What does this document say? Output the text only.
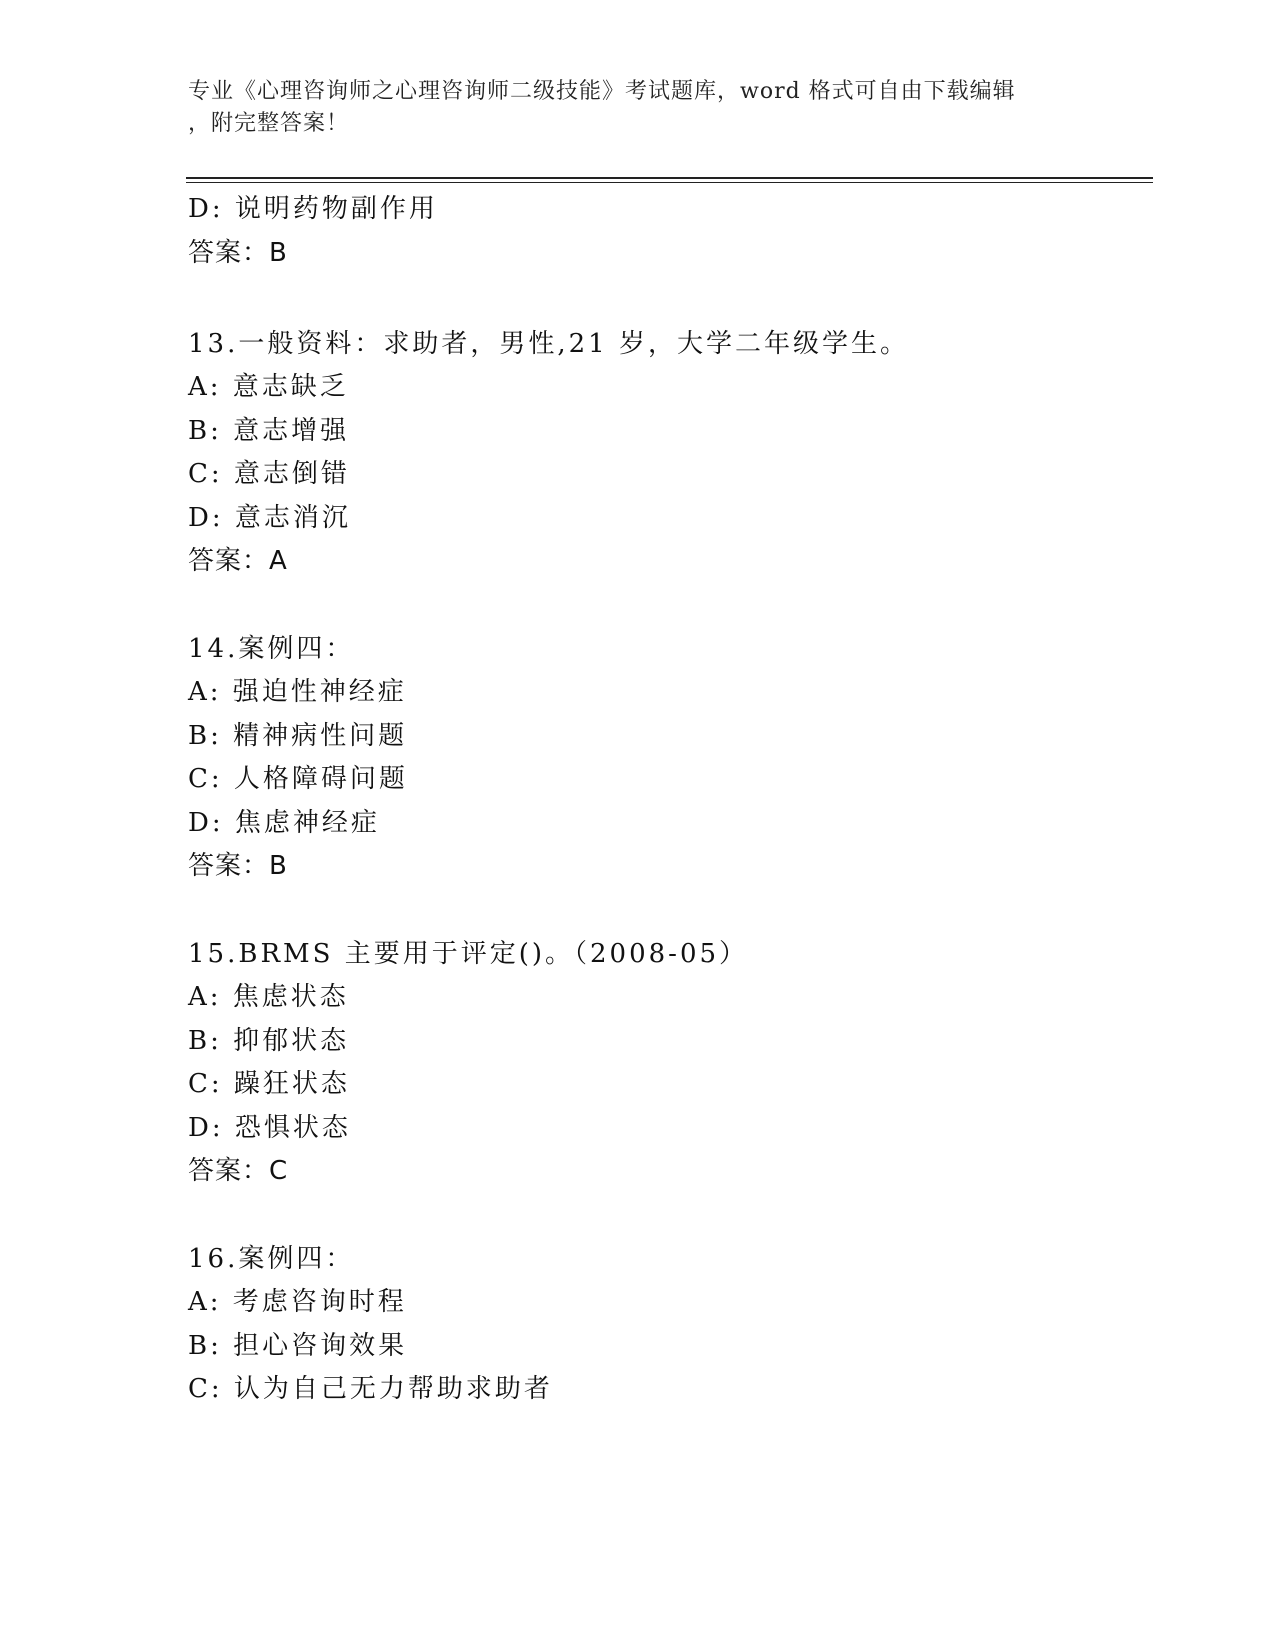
专业《心理咨询师之心理咨询师二级技能》考试题库，word 格式可自由下载编辑
，附完整答案！
D: 说明药物副作用
答案：B
13.一般资料：求助者，男性,21 岁，大学二年级学生。
A: 意志缺乏
B: 意志增强
C: 意志倒错
D: 意志消沉
答案：A
14.案例四：
A: 强迫性神经症
B: 精神病性问题
C: 人格障碍问题
D: 焦虑神经症
答案：B
15.BRMS 主要用于评定()。（2008-05）
A: 焦虑状态
B: 抑郁状态
C: 躁狂状态
D: 恐惧状态
答案：C
16.案例四：
A: 考虑咨询时程
B: 担心咨询效果
C: 认为自己无力帮助求助者
